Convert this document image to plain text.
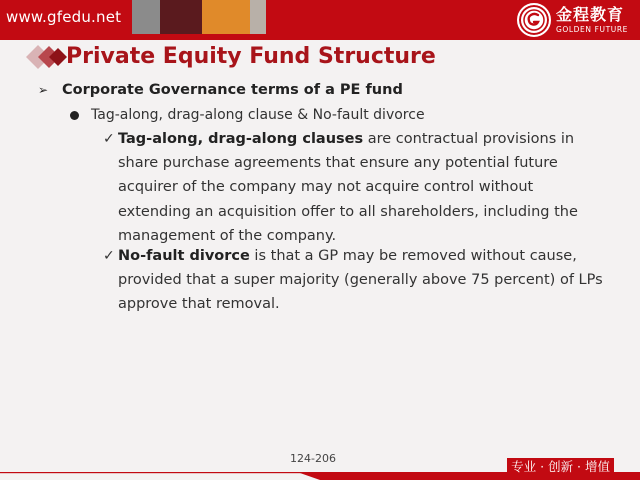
www.gfedu.net	金程教育
GOLDEN FUTURE
Private Equity Fund Structure
➢ Corporate Governance terms of a PE fund
Tag-along, drag-along clause & No-fault divorce
✓ Tag-along, drag-along clauses are contractual provisions in share purchase agreements that ensure any potential future acquirer of the company may not acquire control without extending an acquisition offer to all shareholders, including the management of the company.
✓ No-fault divorce is that a GP may be removed without cause, provided that a super majority (generally above 75 percent) of LPs approve that removal.
124-206
专业 · 创新 · 增值
